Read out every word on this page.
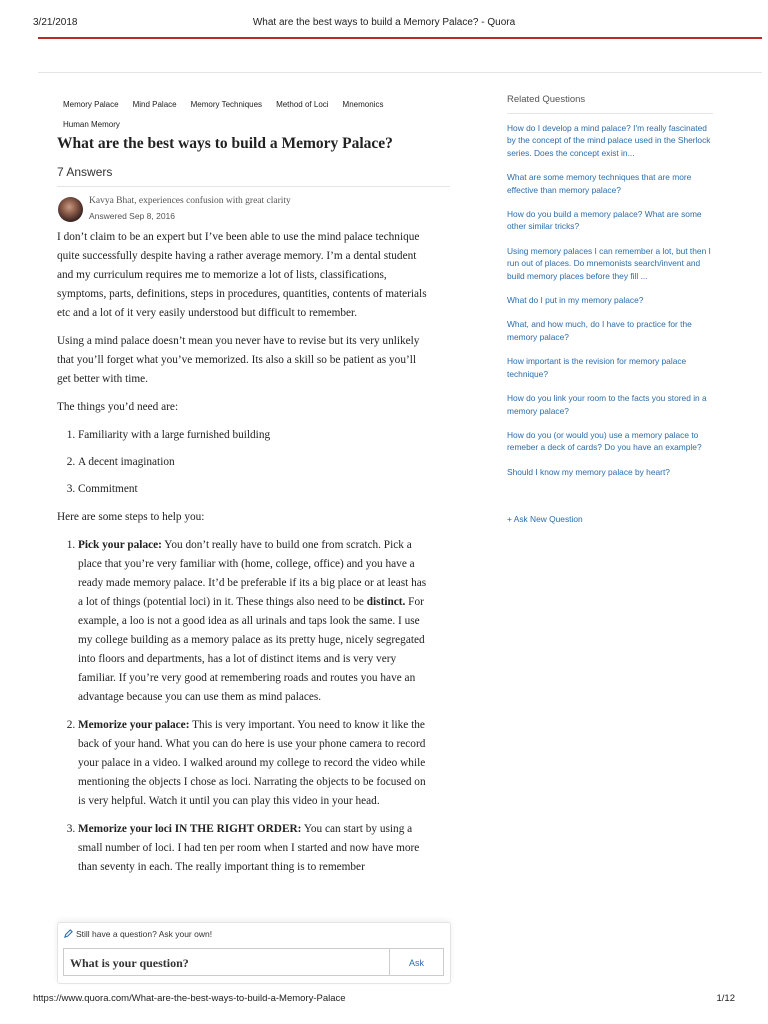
3/21/2018	What are the best ways to build a Memory Palace? - Quora
Memory Palace Mind Palace Memory Techniques Method of Loci Mnemonics
Human Memory
What are the best ways to build a Memory Palace?
7 Answers
Kavya Bhat, experiences confusion with great clarity
Answered Sep 8, 2016

I don’t claim to be an expert but I’ve been able to use the mind palace technique quite successfully despite having a rather average memory. I’m a dental student and my curriculum requires me to memorize a lot of lists, classifications, symptoms, parts, definitions, steps in procedures, quantities, contents of materials etc and a lot of it very easily understood but difficult to remember.

Using a mind palace doesn’t mean you never have to revise but its very unlikely that you’ll forget what you’ve memorized. Its also a skill so be patient as you’ll get better with time.

The things you’d need are:

1. Familiarity with a large furnished building
2. A decent imagination
3. Commitment

Here are some steps to help you:

1. Pick your palace: You don’t really have to build one from scratch. Pick a place that you’re very familiar with (home, college, office) and you have a ready made memory palace. It’d be preferable if its a big place or at least has a lot of things (potential loci) in it. These things also need to be distinct. For example, a loo is not a good idea as all urinals and taps look the same. I use my college building as a memory palace as its pretty huge, nicely segregated into floors and departments, has a lot of distinct items and is very very familiar. If you’re very good at remembering roads and routes you have an advantage because you can use them as mind palaces.
2. Memorize your palace: This is very important. You need to know it like the back of your hand. What you can do here is use your phone camera to record your palace in a video. I walked around my college to record the video while mentioning the objects I chose as loci. Narrating the objects to be focused on is very helpful. Watch it until you can play this video in your head.
3. Memorize your loci IN THE RIGHT ORDER: You can start by using a small number of loci. I had ten per room when I started and now have more than seventy in each. The really important thing is to remember
Still have a question? Ask your own!
What is your question?	Ask
Related Questions
How do I develop a mind palace? I'm really fascinated by the concept of the mind palace used in the Sherlock series. Does the concept exist in...
What are some memory techniques that are more effective than memory palace?
How do you build a memory palace? What are some other similar tricks?
Using memory palaces I can remember a lot, but then I run out of places. Do mnemonists search/invent and build memory places before they fill ...
What do I put in my memory palace?
What, and how much, do I have to practice for the memory palace?
How important is the revision for memory palace technique?
How do you link your room to the facts you stored in a memory palace?
How do you (or would you) use a memory palace to remeber a deck of cards? Do you have an example?
Should I know my memory palace by heart?
+ Ask New Question
https://www.quora.com/What-are-the-best-ways-to-build-a-Memory-Palace	1/12
